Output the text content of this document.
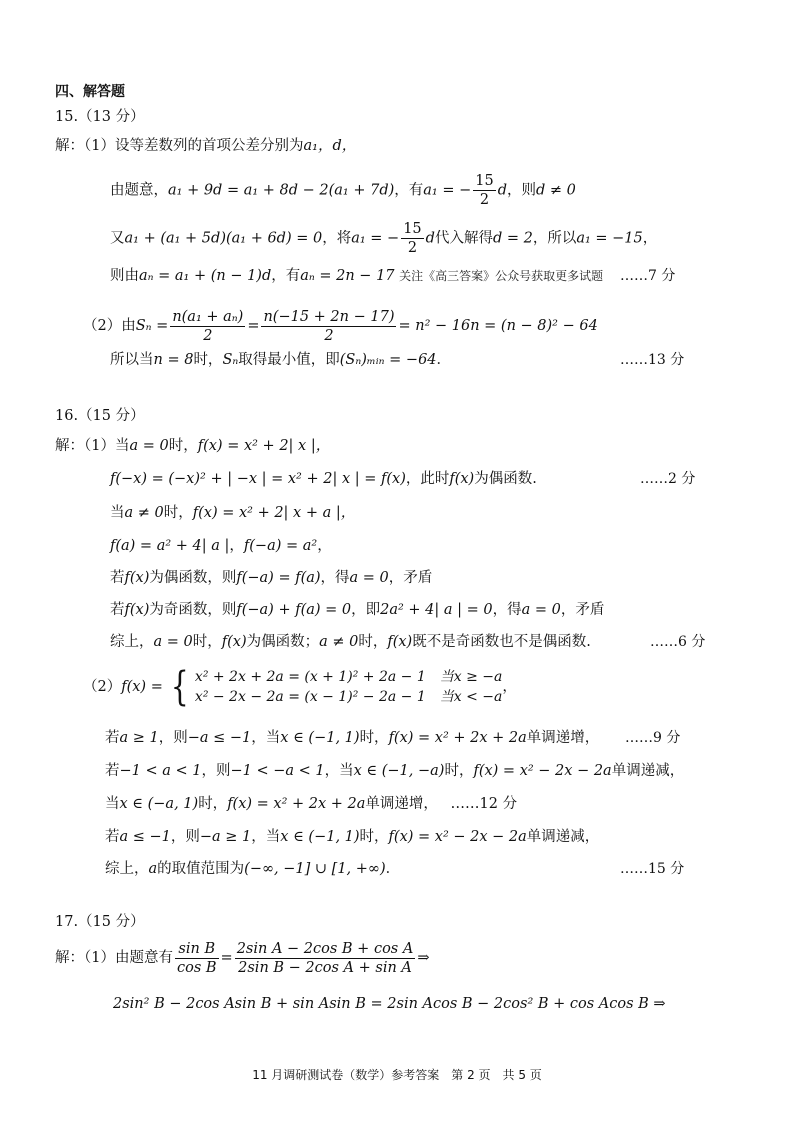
四、解答题
15.（13 分）
解：（1）设等差数列的首项公差分别为a₁，d，
由题意，a₁ + 9d = a₁ + 8d − 2(a₁ + 7d)，有a₁ = − $\frac{15}{2}$ d，则d ≠ 0
又a₁ + (a₁ + 5d)(a₁ + 6d) = 0，将a₁ = − $\frac{15}{2}$ d代入解得d = 2，所以a₁ = −15，
则由aₙ = a₁ + (n − 1)d，有aₙ = 2n − 17 关注《高三答案》公众号获取更多试题 ……7 分
（2）由$S_n = \frac{\text{n(a₁ + aₙ)}}{2} = \frac{n(-15 + 2n - 17)}{2} = n^2 - 16n = (n - 8)^2 - 64$
所以当n = 8时，Sₙ取得最小值，即(Sₙ)ₘᵢₙ = −64．	……13 分
16.（15 分）
解：（1）当a = 0时，f(x) = x² + 2| x |，
f(−x) = (−x)² + | −x | = x² + 2| x | = f(x)，此时f(x)为偶函数.	……2 分
当a ≠ 0时，f(x) = x² + 2| x + a |，
f(a) = a² + 4| a |，f(−a) = a²，
若f(x)为偶函数，则f(−a) = f(a)，得a = 0，矛盾
若f(x)为奇函数，则f(−a) + f(a) = 0，即2a² + 4| a | = 0，得a = 0，矛盾
综上，a = 0时，f(x)为偶函数；a ≠ 0时，f(x)既不是奇函数也不是偶函数.	……6 分
（2）f(x) = { x² + 2x + 2a = (x + 1)² + 2a − 1　当x ≥ −a
x² − 2x − 2a = (x − 1)² − 2a − 1　当x < −a
，
若a ≥ 1，则−a ≤ −1，当x ∈ (−1, 1)时，f(x) = x² + 2x + 2a单调递增， ……9 分
若−1 < a < 1，则−1 < −a < 1，当x ∈ (−1, −a)时，f(x) = x² − 2x − 2a单调递减，
当x ∈ (−a, 1)时，f(x) = x² + 2x + 2a单调递增， ……12 分
若a ≤ −1，则−a ≥ 1，当x ∈ (−1, 1)时，f(x) = x² − 2x − 2a单调递减，
综上，a的取值范围为(−∞, −1] ∪ [1, +∞)．	……15 分
17.（15 分）
解：（1）由题意有 $\frac{\text{sin B}}{\text{cos B}} = \frac{\text{2sin A − 2cos B + cos A}}{\text{2sin B − 2cos A + sin A}}$ ⇒
2sin² B − 2cos Asin B + sin Asin B = 2sin Acos B − 2cos² B + cos Acos B ⇒
11 月调研测试卷（数学）参考答案　第 2 页　共 5 页
